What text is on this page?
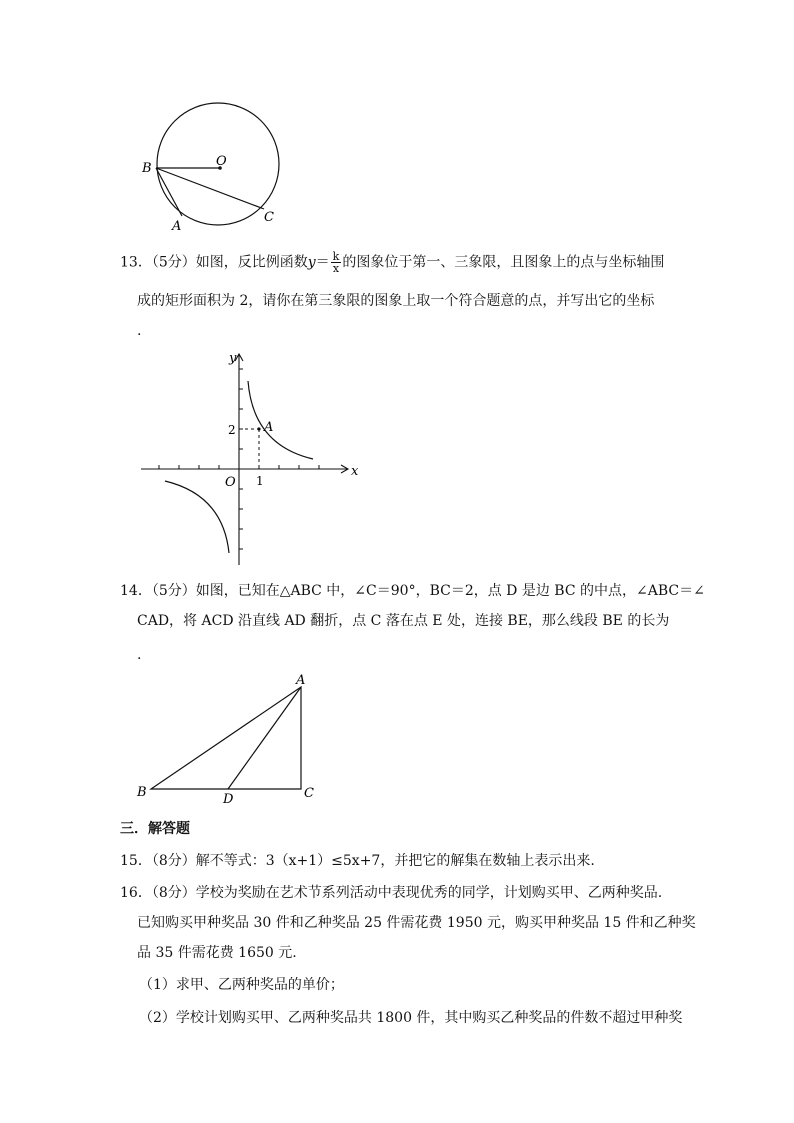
B	O
A
C
13．（5分）如图，反比例函数$y= \frac{k}{x}$ 的图象位于第一、三象限，且图象上的点与坐标轴围
成的矩形面积为 2，请你在第三象限的图象上取一个符合题意的点，并写出它的坐标
.
y
x
O 1
2 A
14．（5分）如图，已知在△ABC 中，∠C＝90°，BC＝2，点 D 是边 BC 的中点，∠ABC＝∠
CAD，将 ACD 沿直线 AD 翻折，点 C 落在点 E 处，连接 BE，那么线段 BE 的长为
.
A
B	D	C
三．解答题
15．（8分）解不等式：3（x+1）≤5x+7，并把它的解集在数轴上表示出来.
16．（8分）学校为奖励在艺术节系列活动中表现优秀的同学，计划购买甲、乙两种奖品.
已知购买甲种奖品 30 件和乙种奖品 25 件需花费 1950 元，购买甲种奖品 15 件和乙种奖
品 35 件需花费 1650 元.
（1）求甲、乙两种奖品的单价；
（2）学校计划购买甲、乙两种奖品共 1800 件，其中购买乙种奖品的件数不超过甲种奖
